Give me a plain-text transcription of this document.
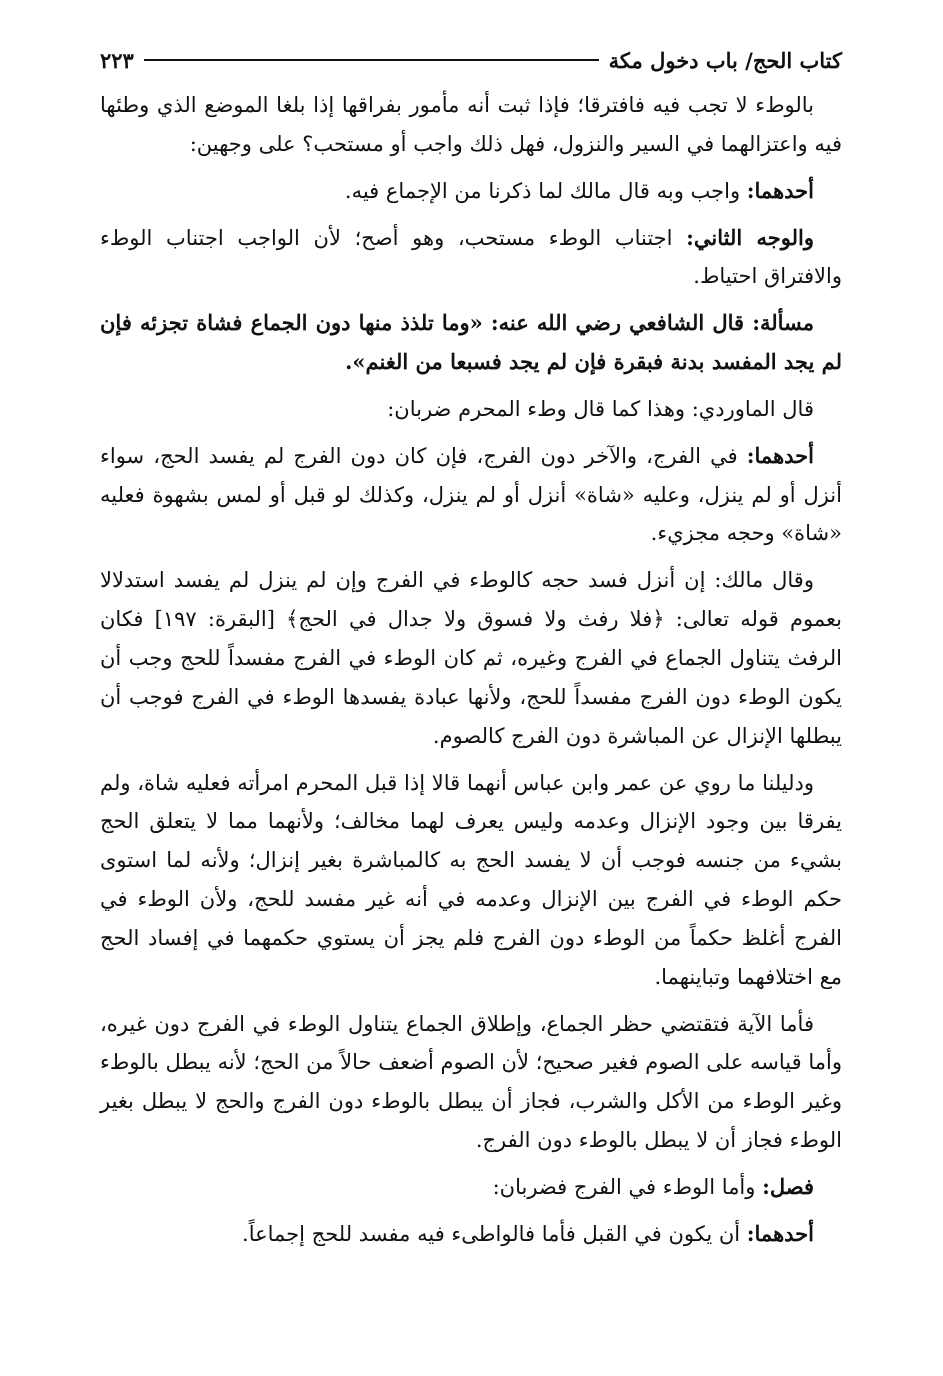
كتاب الحج/ باب دخول مكة
٢٢٣

بالوطء لا تجب فيه فافترقا؛ فإذا ثبت أنه مأمور بفراقها إذا بلغا الموضع الذي وطئها فيه واعتزالهما في السير والنزول، فهل ذلك واجب أو مستحب؟ على وجهين:

أحدهما: واجب وبه قال مالك لما ذكرنا من الإجماع فيه.

والوجه الثاني: اجتناب الوطء مستحب، وهو أصح؛ لأن الواجب اجتناب الوطء والافتراق احتياط.

مسألة: قال الشافعي رضي الله عنه: «وما تلذذ منها دون الجماع فشاة تجزئه فإن لم يجد المفسد بدنة فبقرة فإن لم يجد فسبعا من الغنم».

قال الماوردي: وهذا كما قال وطء المحرم ضربان:

أحدهما: في الفرج، والآخر دون الفرج، فإن كان دون الفرج لم يفسد الحج، سواء أنزل أو لم ينزل، وعليه «شاة» أنزل أو لم ينزل، وكذلك لو قبل أو لمس بشهوة فعليه «شاة» وحجه مجزيء.

وقال مالك: إن أنزل فسد حجه كالوطء في الفرج وإن لم ينزل لم يفسد استدلالا بعموم قوله تعالى: ﴿فلا رفث ولا فسوق ولا جدال في الحج﴾ [البقرة: ١٩٧] فكان الرفث يتناول الجماع في الفرج وغيره، ثم كان الوطء في الفرج مفسداً للحج وجب أن يكون الوطء دون الفرج مفسداً للحج، ولأنها عبادة يفسدها الوطء في الفرج فوجب أن يبطلها الإنزال عن المباشرة دون الفرج كالصوم.

ودليلنا ما روي عن عمر وابن عباس أنهما قالا إذا قبل المحرم امرأته فعليه شاة، ولم يفرقا بين وجود الإنزال وعدمه وليس يعرف لهما مخالف؛ ولأنهما مما لا يتعلق الحج بشيء من جنسه فوجب أن لا يفسد الحج به كالمباشرة بغير إنزال؛ ولأنه لما استوى حكم الوطء في الفرج بين الإنزال وعدمه في أنه غير مفسد للحج، ولأن الوطء في الفرج أغلظ حكماً من الوطء دون الفرج فلم يجز أن يستوي حكمهما في إفساد الحج مع اختلافهما وتباينهما.

فأما الآية فتقتضي حظر الجماع، وإطلاق الجماع يتناول الوطء في الفرج دون غيره، وأما قياسه على الصوم فغير صحيح؛ لأن الصوم أضعف حالاً من الحج؛ لأنه يبطل بالوطء وغير الوطء من الأكل والشرب، فجاز أن يبطل بالوطء دون الفرج والحج لا يبطل بغير الوطء فجاز أن لا يبطل بالوطء دون الفرج.

فصل: وأما الوطء في الفرج فضربان:

أحدهما: أن يكون في القبل فأما فالواطىء فيه مفسد للحج إجماعاً.
